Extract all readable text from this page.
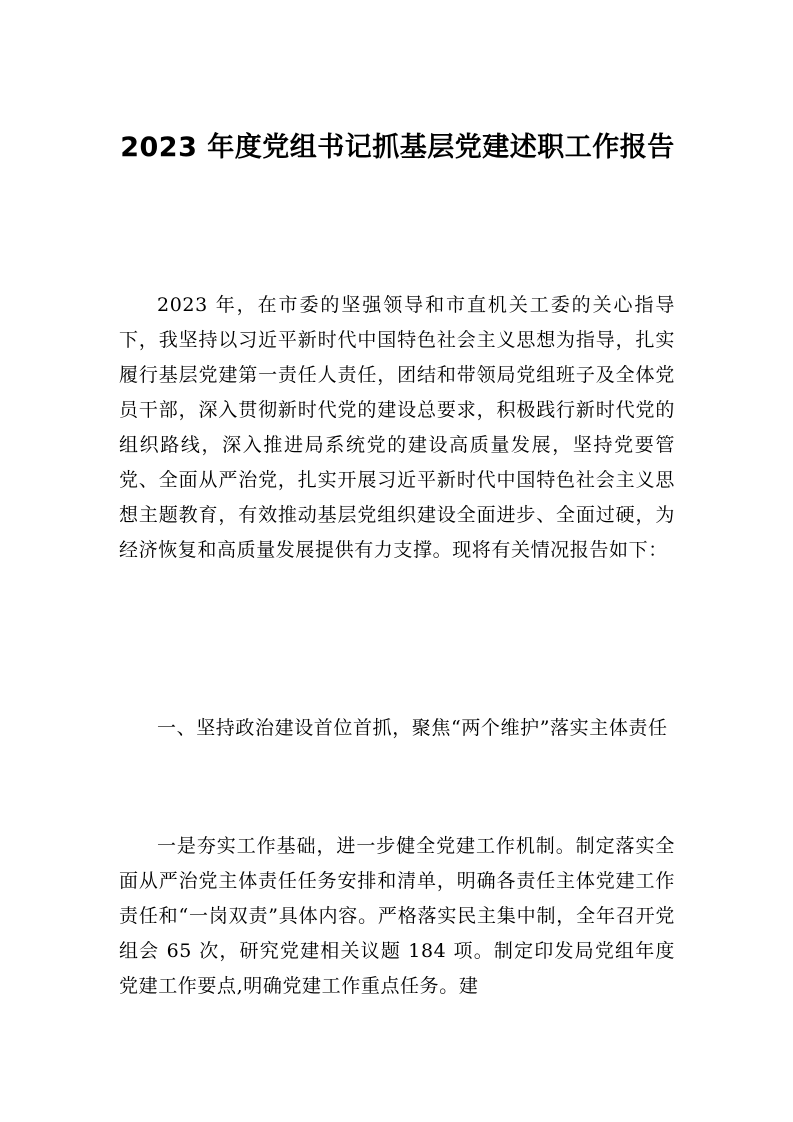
2023 年度党组书记抓基层党建述职工作报告

2023 年，在市委的坚强领导和市直机关工委的关心指导下，我坚持以习近平新时代中国特色社会主义思想为指导，扎实履行基层党建第一责任人责任，团结和带领局党组班子及全体党员干部，深入贯彻新时代党的建设总要求，积极践行新时代党的组织路线，深入推进局系统党的建设高质量发展，坚持党要管党、全面从严治党，扎实开展习近平新时代中国特色社会主义思想主题教育，有效推动基层党组织建设全面进步、全面过硬，为经济恢复和高质量发展提供有力支撑。现将有关情况报告如下：

一、坚持政治建设首位首抓，聚焦“两个维护”落实主体责任

一是夯实工作基础，进一步健全党建工作机制。制定落实全面从严治党主体责任任务安排和清单，明确各责任主体党建工作责任和“一岗双责”具体内容。严格落实民主集中制，全年召开党组会 65 次，研究党建相关议题 184 项。制定印发局党组年度党建工作要点,明确党建工作重点任务。建
